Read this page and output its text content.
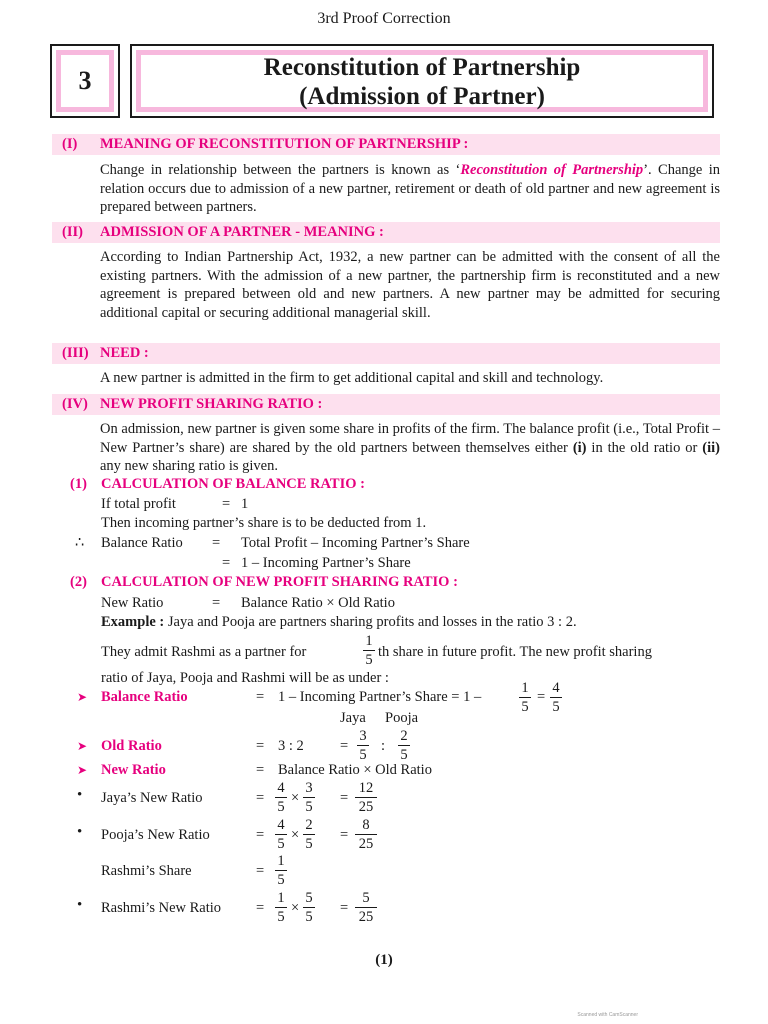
3rd Proof Correction
3	Reconstitution of Partnership
(Admission of Partner)
(I) MEANING OF RECONSTITUTION OF PARTNERSHIP :
Change in relationship between the partners is known as ‘Reconstitution of Partnership’. Change in relation occurs due to admission of a new partner, retirement or death of old partner and new agreement is prepared between partners.
(II) ADMISSION OF A PARTNER - MEANING :
According to Indian Partnership Act, 1932, a new partner can be admitted with the consent of all the existing partners. With the admission of a new partner, the partnership firm is reconstituted and a new agreement is prepared between old and new partners. A new partner may be admitted for securing additional capital or securing additional managerial skill.
(III) NEED :
A new partner is admitted in the firm to get additional capital and skill and technology.
(IV) NEW PROFIT SHARING RATIO :
On admission, new partner is given some share in profits of the firm. The balance profit (i.e., Total Profit – New Partner’s share) are shared by the old partners between themselves either (i) in the old ratio or (ii) any new sharing ratio is given.
(1) CALCULATION OF BALANCE RATIO :
If total profit	= 1
Then incoming partner’s share is to be deducted from 1.
∴ Balance Ratio = Total Profit – Incoming Partner’s Share
= 1 – Incoming Partner’s Share
(2) CALCULATION OF NEW PROFIT SHARING RATIO :
New Ratio	= Balance Ratio × Old Ratio
Example : Jaya and Pooja are partners sharing profits and losses in the ratio 3 : 2.
They admit Rashmi as a partner for
1
5 th share in future profit. The new profit sharing
ratio of Jaya, Pooja and Rashmi will be as under :
➤ Balance Ratio	= 1 – Incoming Partner’s Share = 1 –
1
5
=
4
5
Jaya Pooja
➤ Old Ratio	= 3 : 2 =
3
5
:
2
5
➤ New Ratio	= Balance Ratio × Old Ratio
• Jaya’s New Ratio	=
4
5
×
3
5
=
12
25
• Pooja’s New Ratio	=
4
5
×
2
5
=
8
25
Rashmi’s Share	=
1
5
• Rashmi’s New Ratio =
1
5
×
5
5
=
5
25
(1)
Scanned with CamScanner
